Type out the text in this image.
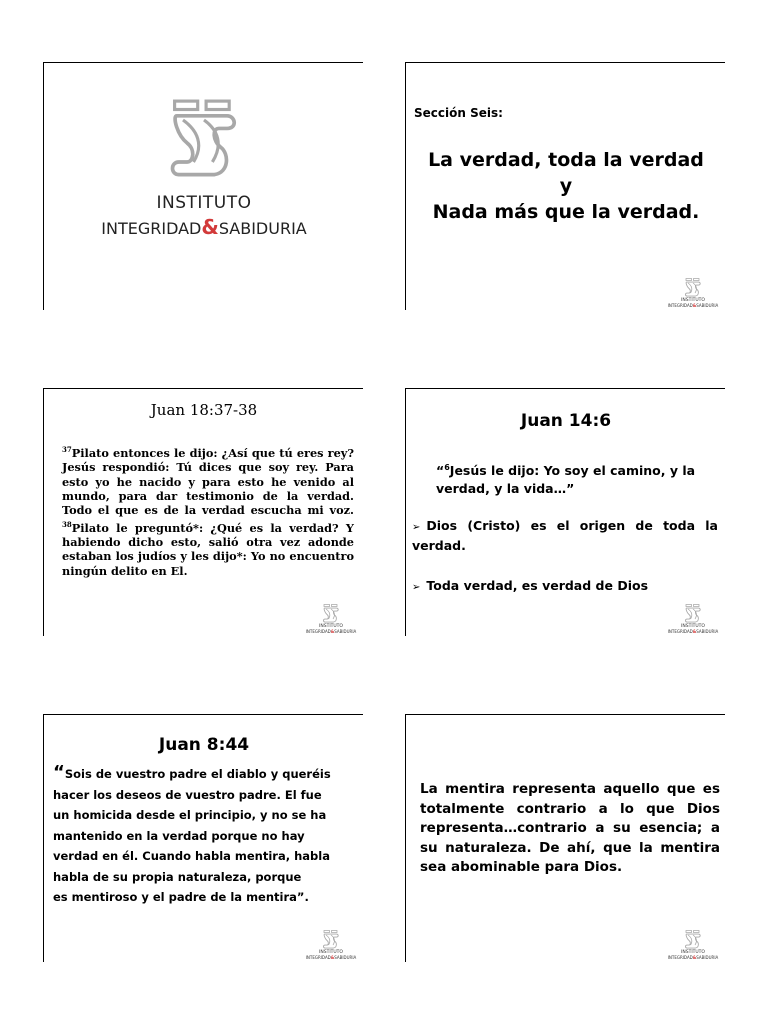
INSTITUTO
INTEGRIDAD&SABIDURIA
Sección Seis:
La verdad, toda la verdad
y
Nada más que la verdad.
INSTITUTO
INTEGRIDAD&SABIDURIA
Juan 18:37-38
$^{37}$Pilato entonces le dijo: ¿Así que tú eres rey? Jesús respondió: Tú dices que soy rey. Para esto yo he nacido y para esto he venido al mundo, para dar testimonio de la verdad. Todo el que es de la verdad escucha mi voz. $^{38}$Pilato le preguntó*: ¿Qué es la verdad? Y habiendo dicho esto, salió otra vez adonde estaban los judíos y les dijo*: Yo no encuentro ningún delito en El.
INSTITUTO
INTEGRIDAD&SABIDURIA
Juan 14:6
“$^6$Jesús le dijo: Yo soy el camino, y la verdad, y la vida…”
➢ Dios (Cristo) es el origen de toda la verdad.
➢ Toda verdad, es verdad de Dios
INSTITUTO
INTEGRIDAD&SABIDURIA
Juan 8:44
“Sois de vuestro padre el diablo y queréis
hacer los deseos de vuestro padre. El fue
un homicida desde el principio, y no se ha
mantenido en la verdad porque no hay
verdad en él. Cuando habla mentira, habla
habla de su propia naturaleza, porque
es mentiroso y el padre de la mentira”.
INSTITUTO
INTEGRIDAD&SABIDURIA
La mentira representa aquello que es totalmente contrario a lo que Dios representa…contrario a su esencia; a su naturaleza. De ahí, que la mentira sea abominable para Dios.
INSTITUTO
INTEGRIDAD&SABIDURIA
